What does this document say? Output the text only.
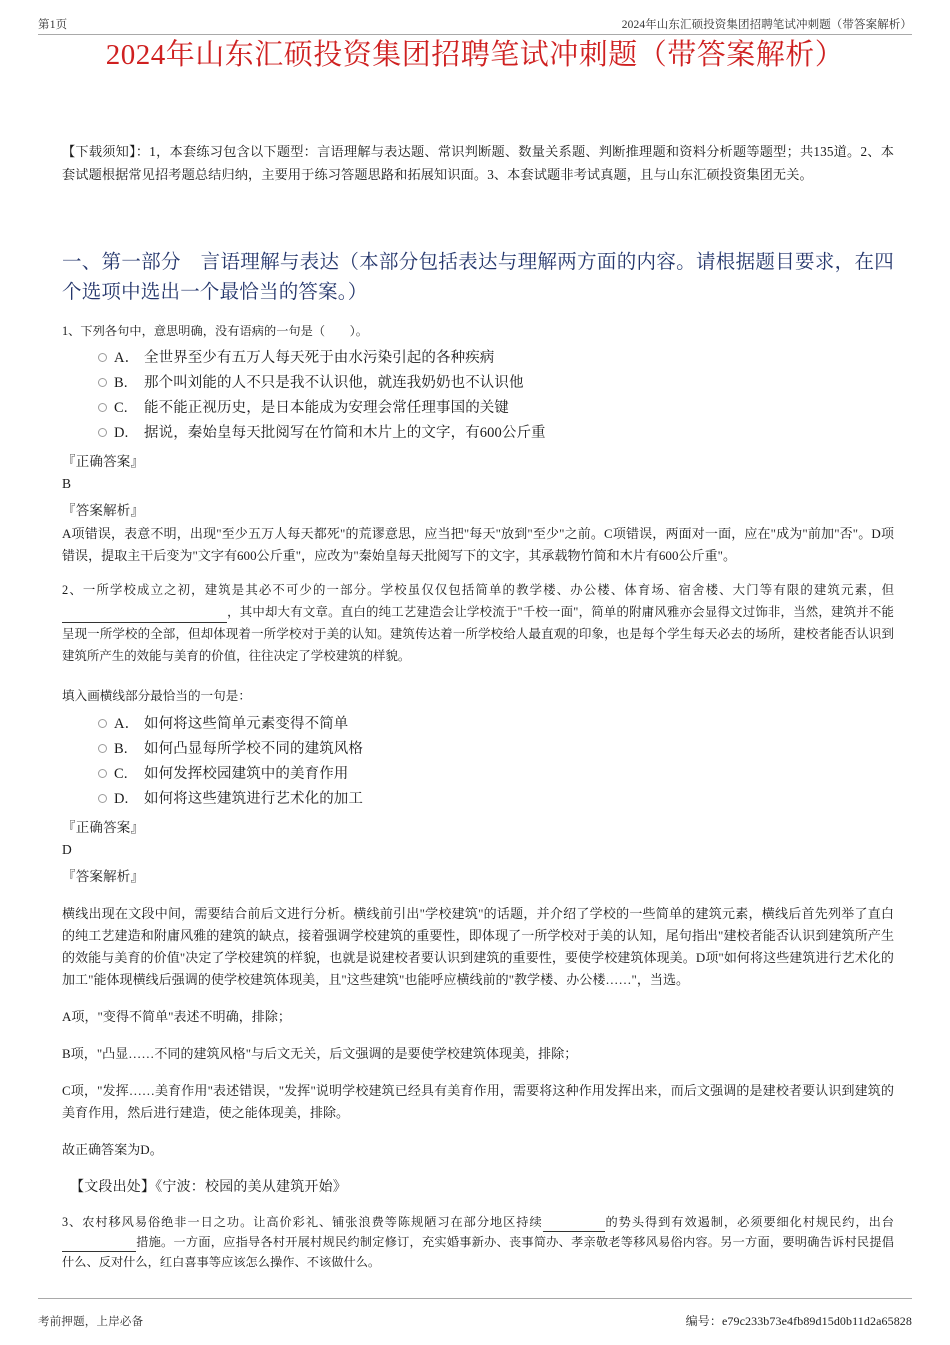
第1页	2024年山东汇硕投资集团招聘笔试冲刺题（带答案解析）
2024年山东汇硕投资集团招聘笔试冲刺题（带答案解析）
【下载须知】：1，本套练习包含以下题型：言语理解与表达题、常识判断题、数量关系题、判断推理题和资料分析题等题型；共135道。2、本套试题根据常见招考题总结归纳，主要用于练习答题思路和拓展知识面。3、本套试题非考试真题，且与山东汇硕投资集团无关。
一、第一部分　言语理解与表达（本部分包括表达与理解两方面的内容。请根据题目要求，在四个选项中选出一个最恰当的答案。）
1、下列各句中，意思明确，没有语病的一句是（　　）。
A． 全世界至少有五万人每天死于由水污染引起的各种疾病
B.	那个叫刘能的人不只是我不认识他，就连我奶奶也不认识他
C.	能不能正视历史，是日本能成为安理会常任理事国的关键
D.	据说，秦始皇每天批阅写在竹简和木片上的文字，有600公斤重
『正确答案』
B
『答案解析』
A项错误，表意不明，出现"至少五万人每天都死"的荒谬意思，应当把"每天"放到"至少"之前。C项错误，两面对一面，应在"成为"前加"否"。D项错误，提取主干后变为"文字有600公斤重"，应改为"秦始皇每天批阅写下的文字，其承载物竹简和木片有600公斤重"。
2、一所学校成立之初，建筑是其必不可少的一部分。学校虽仅仅包括简单的教学楼、办公楼、体育场、宿舍楼、大门等有限的建筑元素，但，其中却大有文章。直白的纯工艺建造会让学校流于"千校一面"，简单的附庸风雅亦会显得文过饰非，当然，建筑并不能呈现一所学校的全部，但却体现着一所学校对于美的认知。建筑传达着一所学校给人最直观的印象，也是每个学生每天必去的场所，建校者能否认识到建筑所产生的效能与美育的价值，往往决定了学校建筑的样貌。
填入画横线部分最恰当的一句是：
A． 如何将这些简单元素变得不简单
B.	如何凸显每所学校不同的建筑风格
C.	如何发挥校园建筑中的美育作用
D.	如何将这些建筑进行艺术化的加工
『正确答案』
D
『答案解析』
横线出现在文段中间，需要结合前后文进行分析。横线前引出"学校建筑"的话题，并介绍了学校的一些简单的建筑元素，横线后首先列举了直白的纯工艺建造和附庸风雅的建筑的缺点，接着强调学校建筑的重要性，即体现了一所学校对于美的认知，尾句指出"建校者能否认识到建筑所产生的效能与美育的价值"决定了学校建筑的样貌，也就是说建校者要认识到建筑的重要性，要使学校建筑体现美。D项"如何将这些建筑进行艺术化的加工"能体现横线后强调的使学校建筑体现美，且"这些建筑"也能呼应横线前的"教学楼、办公楼……"，当选。
A项，"变得不简单"表述不明确，排除；
B项，"凸显……不同的建筑风格"与后文无关，后文强调的是要使学校建筑体现美，排除；
C项，"发挥……美育作用"表述错误，"发挥"说明学校建筑已经具有美育作用，需要将这种作用发挥出来，而后文强调的是建校者要认识到建筑的美育作用，然后进行建造，使之能体现美，排除。
故正确答案为D。
【文段出处】《宁波：校园的美从建筑开始》
3、农村移风易俗绝非一日之功。让高价彩礼、铺张浪费等陈规陋习在部分地区持续	的势头得到有效遏制，必须要细化村规民约，出台措施。一方面，应指导各村开展村规民约制定修订，充实婚事新办、丧事简办、孝亲敬老等移风易俗内容。另一方面，要明确告诉村民提倡什么、反对什么，红白喜事等应该怎么操作、不该做什么。
考前押题，上岸必备	编号：e79c233b73e4fb89d15d0b11d2a65828
